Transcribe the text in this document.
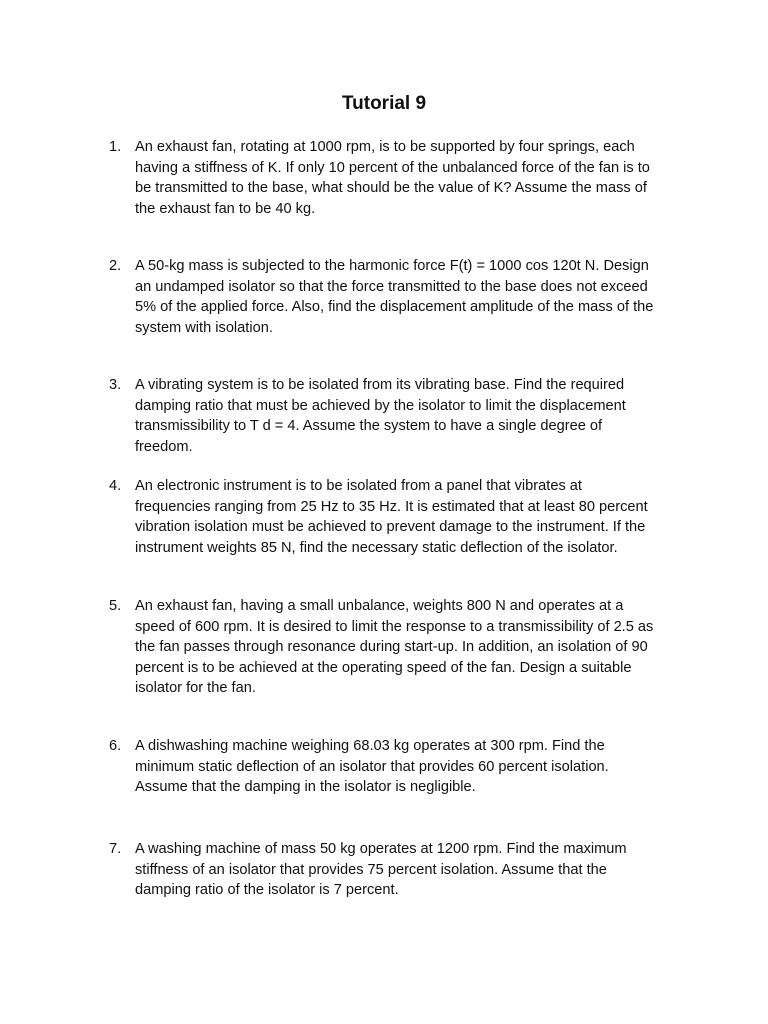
Tutorial 9
1. An exhaust fan, rotating at 1000 rpm, is to be supported by four springs, each
having a stiffness of K. If only 10 percent of the unbalanced force of the fan is to
be transmitted to the base, what should be the value of K? Assume the mass of
the exhaust fan to be 40 kg.
2. A 50-kg mass is subjected to the harmonic force F(t) = 1000 cos 120t N. Design
an undamped isolator so that the force transmitted to the base does not exceed
5% of the applied force. Also, find the displacement amplitude of the mass of the
system with isolation.
3. A vibrating system is to be isolated from its vibrating base. Find the required
damping ratio that must be achieved by the isolator to limit the displacement
transmissibility to T d = 4. Assume the system to have a single degree of
freedom.
4. An electronic instrument is to be isolated from a panel that vibrates at
frequencies ranging from 25 Hz to 35 Hz. It is estimated that at least 80 percent
vibration isolation must be achieved to prevent damage to the instrument. If the
instrument weights 85 N, find the necessary static deflection of the isolator.
5. An exhaust fan, having a small unbalance, weights 800 N and operates at a
speed of 600 rpm. It is desired to limit the response to a transmissibility of 2.5 as
the fan passes through resonance during start-up. In addition, an isolation of 90
percent is to be achieved at the operating speed of the fan. Design a suitable
isolator for the fan.
6. A dishwashing machine weighing 68.03 kg operates at 300 rpm. Find the
minimum static deflection of an isolator that provides 60 percent isolation.
Assume that the damping in the isolator is negligible.
7. A washing machine of mass 50 kg operates at 1200 rpm. Find the maximum
stiffness of an isolator that provides 75 percent isolation. Assume that the
damping ratio of the isolator is 7 percent.
